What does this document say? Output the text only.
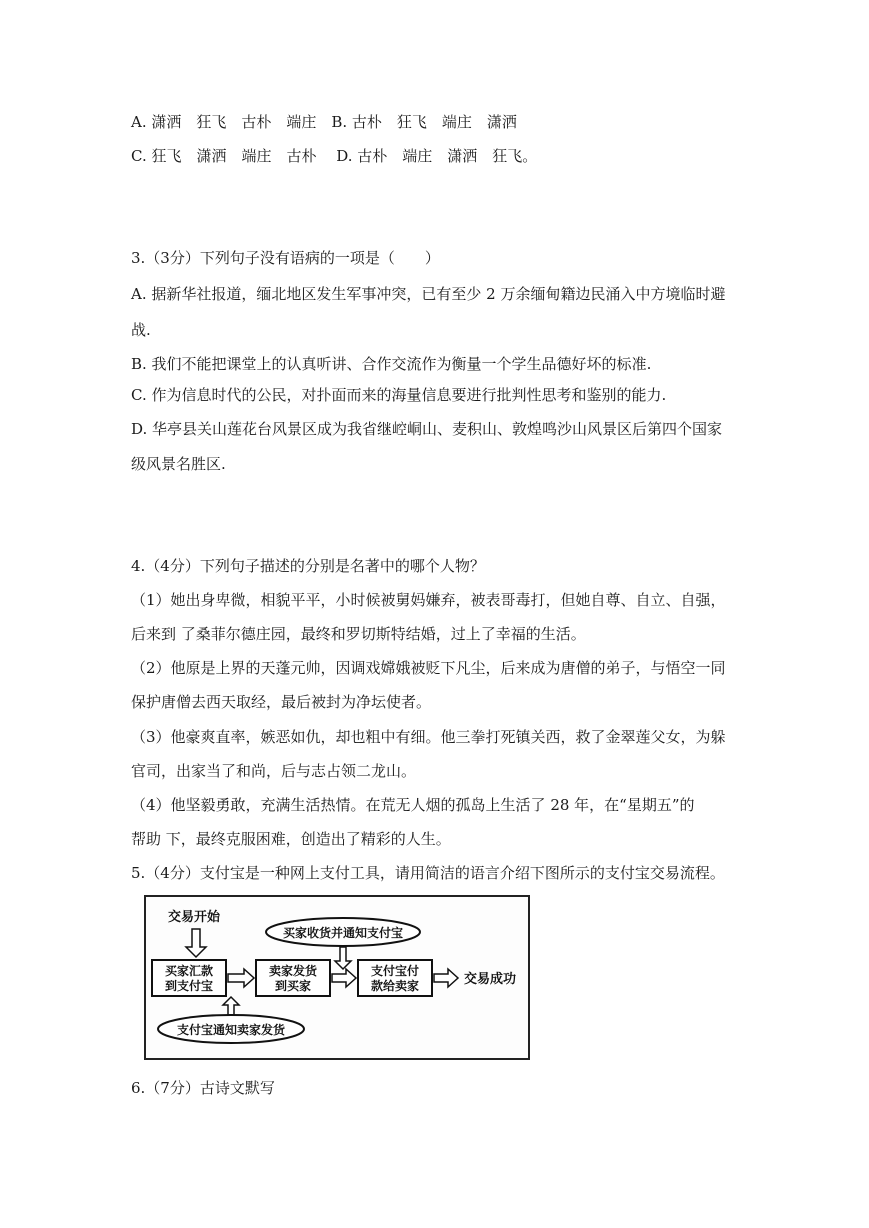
A. 潇洒　狂飞　古朴　端庄　B. 古朴　狂飞　端庄　潇洒
C. 狂飞　潇洒　端庄　古朴　 D. 古朴　端庄　潇洒　狂飞。
3.（3分）下列句子没有语病的一项是（　　）
A. 据新华社报道，缅北地区发生军事冲突，已有至少 2 万余缅甸籍边民涌入中方境临时避
战.
B. 我们不能把课堂上的认真听讲、合作交流作为衡量一个学生品德好坏的标准.
C. 作为信息时代的公民，对扑面而来的海量信息要进行批判性思考和鉴别的能力.
D. 华亭县关山莲花台风景区成为我省继崆峒山、麦积山、敦煌鸣沙山风景区后第四个国家
级风景名胜区.
4.（4分）下列句子描述的分别是名著中的哪个人物？
（1）她出身卑微，相貌平平，小时候被舅妈嫌弃，被表哥毒打，但她自尊、自立、自强，
后来到 了桑菲尔德庄园，最终和罗切斯特结婚，过上了幸福的生活。
（2）他原是上界的天蓬元帅，因调戏嫦娥被贬下凡尘，后来成为唐僧的弟子，与悟空一同
保护唐僧去西天取经，最后被封为净坛使者。
（3）他豪爽直率，嫉恶如仇，却也粗中有细。他三拳打死镇关西，救了金翠莲父女，为躲
官司，出家当了和尚，后与志占领二龙山。
（4）他坚毅勇敢，充满生活热情。在荒无人烟的孤岛上生活了 28 年，在“星期五”的
帮助 下，最终克服困难，创造出了精彩的人生。
5.（4分）支付宝是一种网上支付工具，请用简洁的语言介绍下图所示的支付宝交易流程。
交易开始
买家收货并通知支付宝
买家汇款
到支付宝
卖家发货
到买家
支付宝付
款给卖家	交易成功
支付宝通知卖家发货
6.（7分）古诗文默写
